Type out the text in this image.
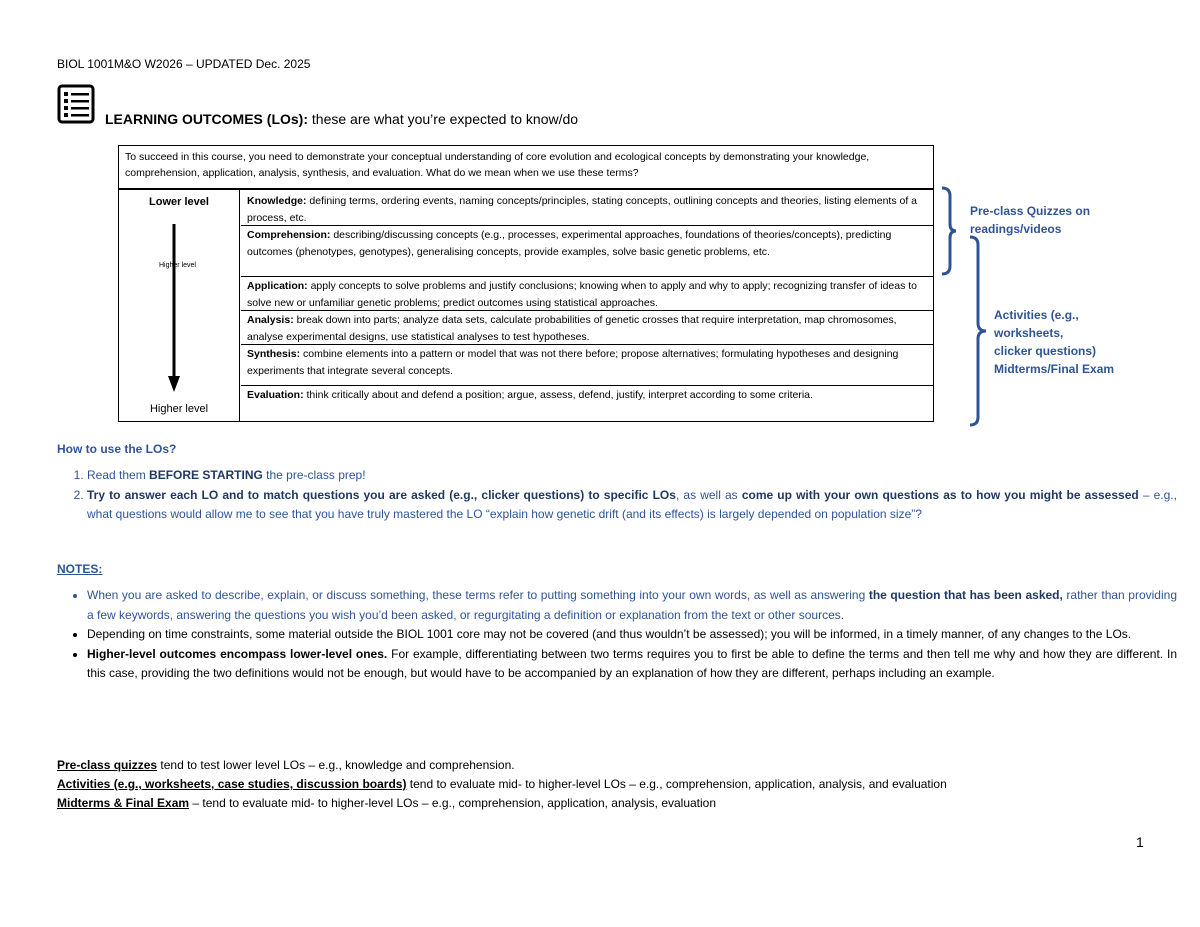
BIOL 1001M&O W2026 – UPDATED Dec. 2025
LEARNING OUTCOMES (LOs): these are what you’re expected to know/do
To succeed in this course, you need to demonstrate your conceptual understanding of core evolution and ecological concepts by demonstrating your knowledge, comprehension, application, analysis, synthesis, and evaluation. What do we mean when we use these terms?
Lower level
Higher level
Higher level
Knowledge: defining terms, ordering events, naming concepts/principles, stating concepts, outlining concepts and theories, listing elements of a process, etc.
Comprehension: describing/discussing concepts (e.g., processes, experimental approaches, foundations of theories/concepts), predicting outcomes (phenotypes, genotypes), generalising concepts, provide examples, solve basic genetic problems, etc.
Application: apply concepts to solve problems and justify conclusions; knowing when to apply and why to apply; recognizing transfer of ideas to solve new or unfamiliar genetic problems; predict outcomes using statistical approaches.
Analysis: break down into parts; analyze data sets, calculate probabilities of genetic crosses that require interpretation, map chromosomes, analyse experimental designs, use statistical analyses to test hypotheses.
Synthesis: combine elements into a pattern or model that was not there before; propose alternatives; formulating hypotheses and designing experiments that integrate several concepts.
Evaluation: think critically about and defend a position; argue, assess, defend, justify, interpret according to some criteria.
Pre-class Quizzes on
readings/videos
Activities (e.g.,
worksheets,
clicker questions)
Midterms/Final Exam
How to use the LOs?
1. Read them BEFORE STARTING the pre-class prep!
2. Try to answer each LO and to match questions you are asked (e.g., clicker questions) to specific LOs, as well as come up with your own questions as to how you might be assessed – e.g., what questions would allow me to see that you have truly mastered the LO “explain how genetic drift (and its effects) is largely depended on population size”?
NOTES:
• When you are asked to describe, explain, or discuss something, these terms refer to putting something into your own words, as well as answering the question that has been asked, rather than providing a few keywords, answering the questions you wish you’d been asked, or regurgitating a definition or explanation from the text or other sources.
• Depending on time constraints, some material outside the BIOL 1001 core may not be covered (and thus wouldn’t be assessed); you will be informed, in a timely manner, of any changes to the LOs.
• Higher-level outcomes encompass lower-level ones. For example, differentiating between two terms requires you to first be able to define the terms and then tell me why and how they are different. In this case, providing the two definitions would not be enough, but would have to be accompanied by an explanation of how they are different, perhaps including an example.
Pre-class quizzes tend to test lower level LOs – e.g., knowledge and comprehension.
Activities (e.g., worksheets, case studies, discussion boards) tend to evaluate mid- to higher-level LOs – e.g., comprehension, application, analysis, and evaluation
Midterms & Final Exam – tend to evaluate mid- to higher-level LOs – e.g., comprehension, application, analysis, evaluation
1
